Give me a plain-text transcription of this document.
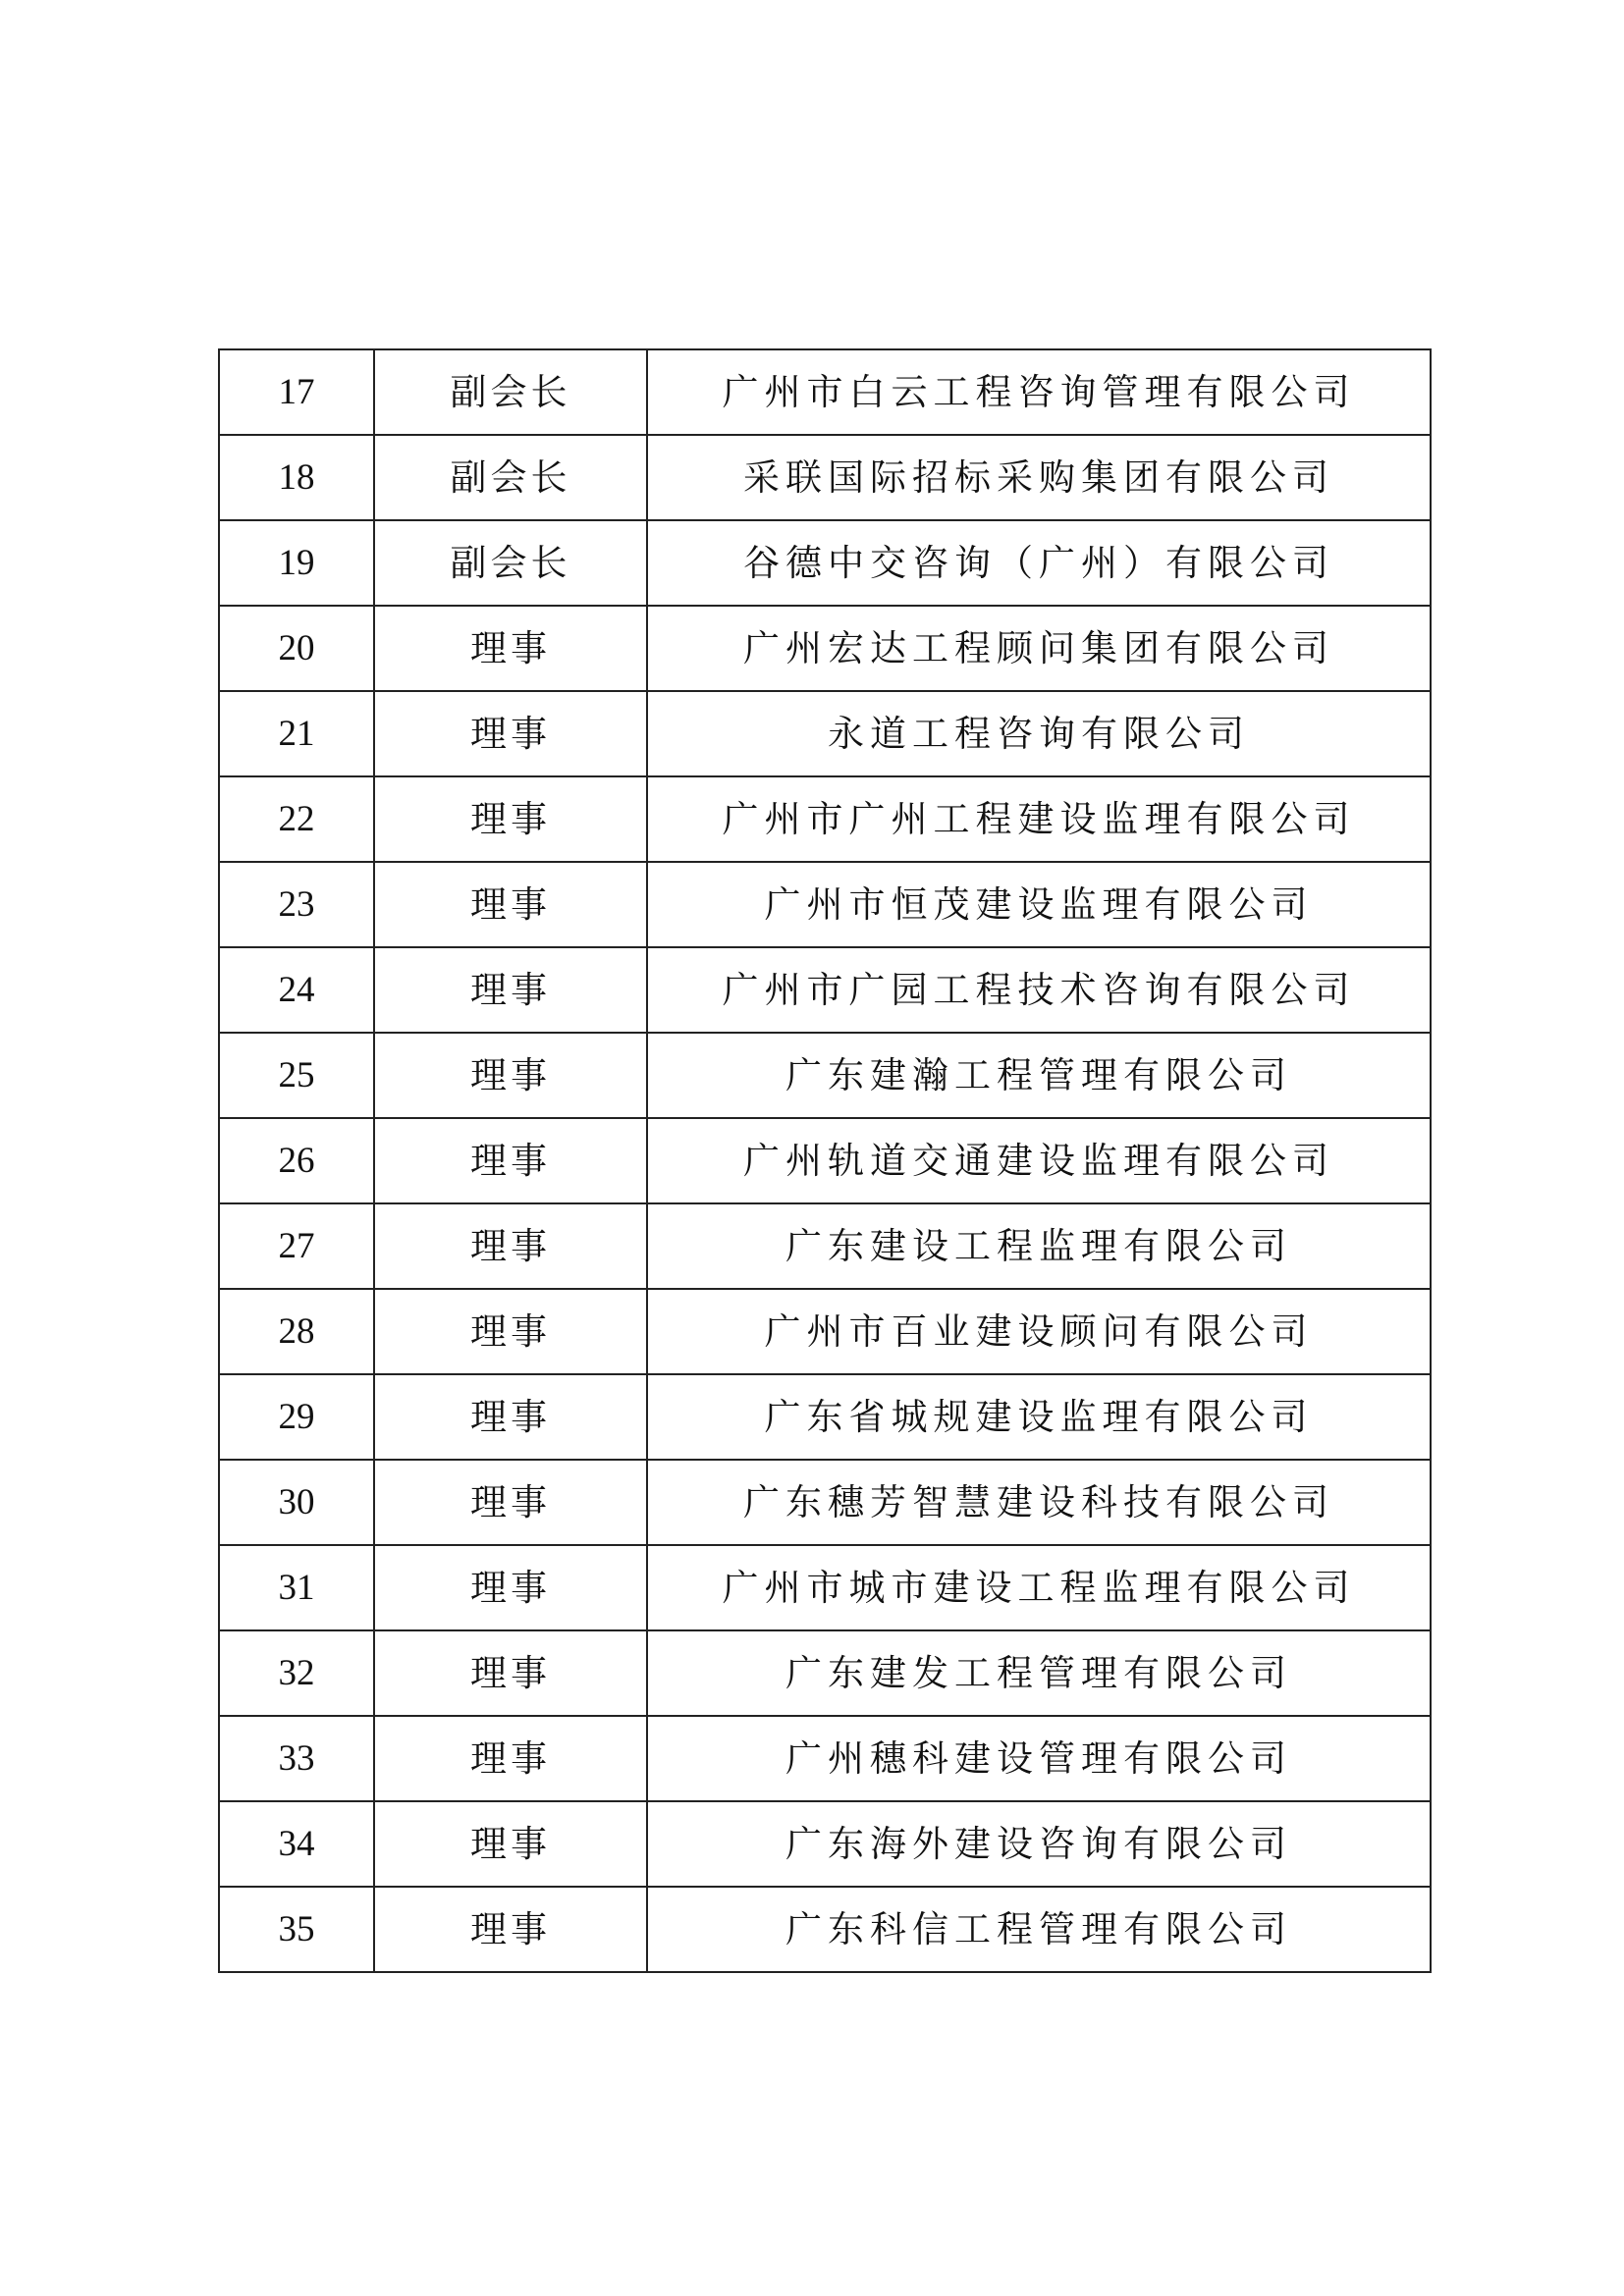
17	副会长	广州市白云工程咨询管理有限公司
18	副会长	采联国际招标采购集团有限公司
19	副会长	谷德中交咨询（广州）有限公司
20	理事	广州宏达工程顾问集团有限公司
21	理事	永道工程咨询有限公司
22	理事	广州市广州工程建设监理有限公司
23	理事	广州市恒茂建设监理有限公司
24	理事	广州市广园工程技术咨询有限公司
25	理事	广东建瀚工程管理有限公司
26	理事	广州轨道交通建设监理有限公司
27	理事	广东建设工程监理有限公司
28	理事	广州市百业建设顾问有限公司
29	理事	广东省城规建设监理有限公司
30	理事	广东穗芳智慧建设科技有限公司
31	理事	广州市城市建设工程监理有限公司
32	理事	广东建发工程管理有限公司
33	理事	广州穗科建设管理有限公司
34	理事	广东海外建设咨询有限公司
35	理事	广东科信工程管理有限公司
